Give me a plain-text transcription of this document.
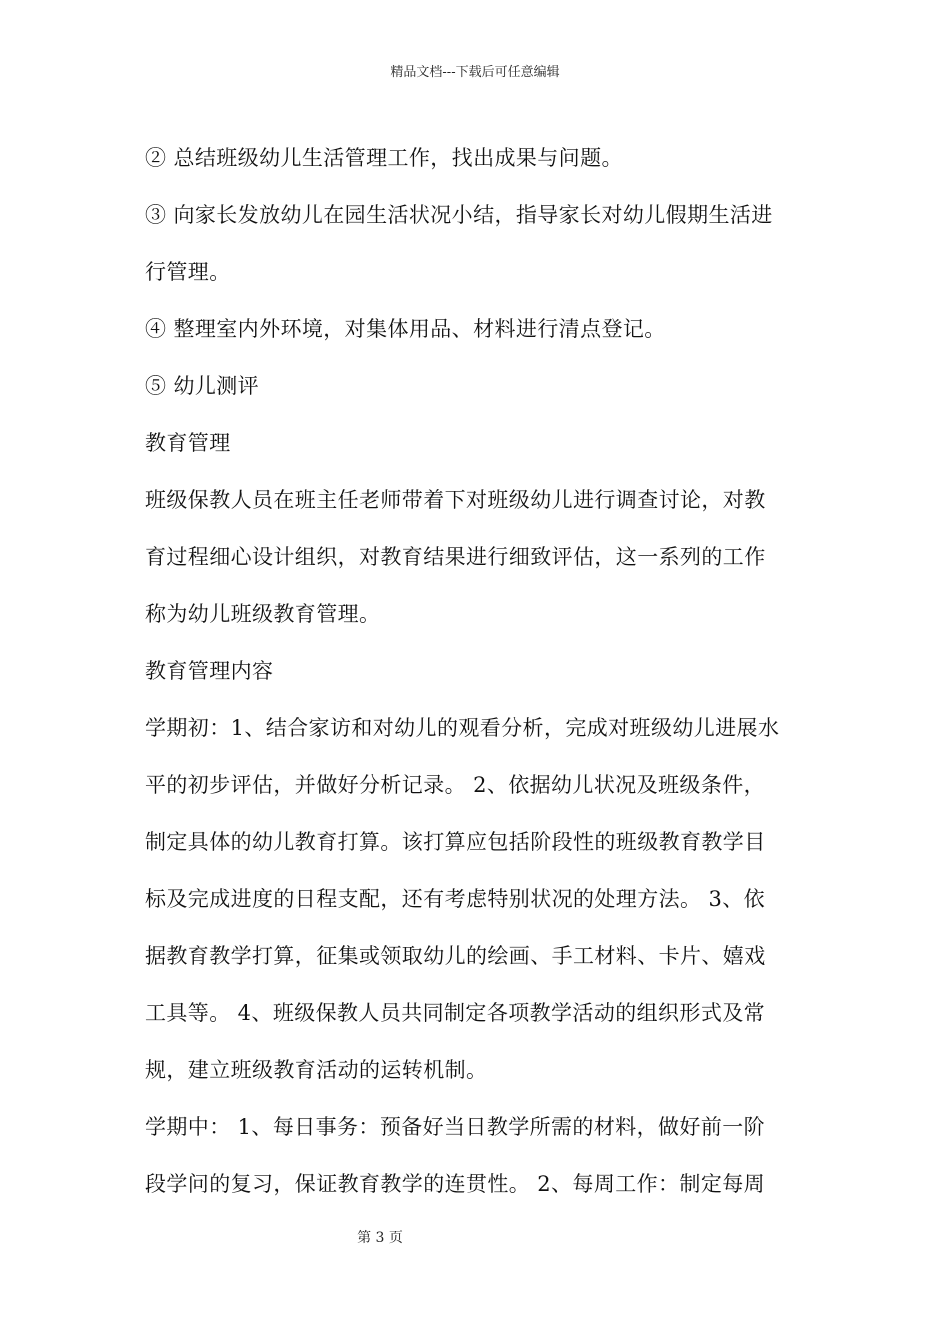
精品文档---下载后可任意编辑
② 总结班级幼儿生活管理工作，找出成果与问题。
③ 向家长发放幼儿在园生活状况小结，指导家长对幼儿假期生活进
行管理。
④ 整理室内外环境，对集体用品、材料进行清点登记。
⑤ 幼儿测评
教育管理
班级保教人员在班主任老师带着下对班级幼儿进行调查讨论，对教
育过程细心设计组织，对教育结果进行细致评估，这一系列的工作
称为幼儿班级教育管理。
教育管理内容
学期初：1、结合家访和对幼儿的观看分析，完成对班级幼儿进展水
平的初步评估，并做好分析记录。 2、依据幼儿状况及班级条件，
制定具体的幼儿教育打算。该打算应包括阶段性的班级教育教学目
标及完成进度的日程支配，还有考虑特别状况的处理方法。 3、依
据教育教学打算，征集或领取幼儿的绘画、手工材料、卡片、嬉戏
工具等。 4、班级保教人员共同制定各项教学活动的组织形式及常
规，建立班级教育活动的运转机制。
学期中： 1、每日事务：预备好当日教学所需的材料，做好前一阶
段学问的复习，保证教育教学的连贯性。 2、每周工作：制定每周
第 3 页
